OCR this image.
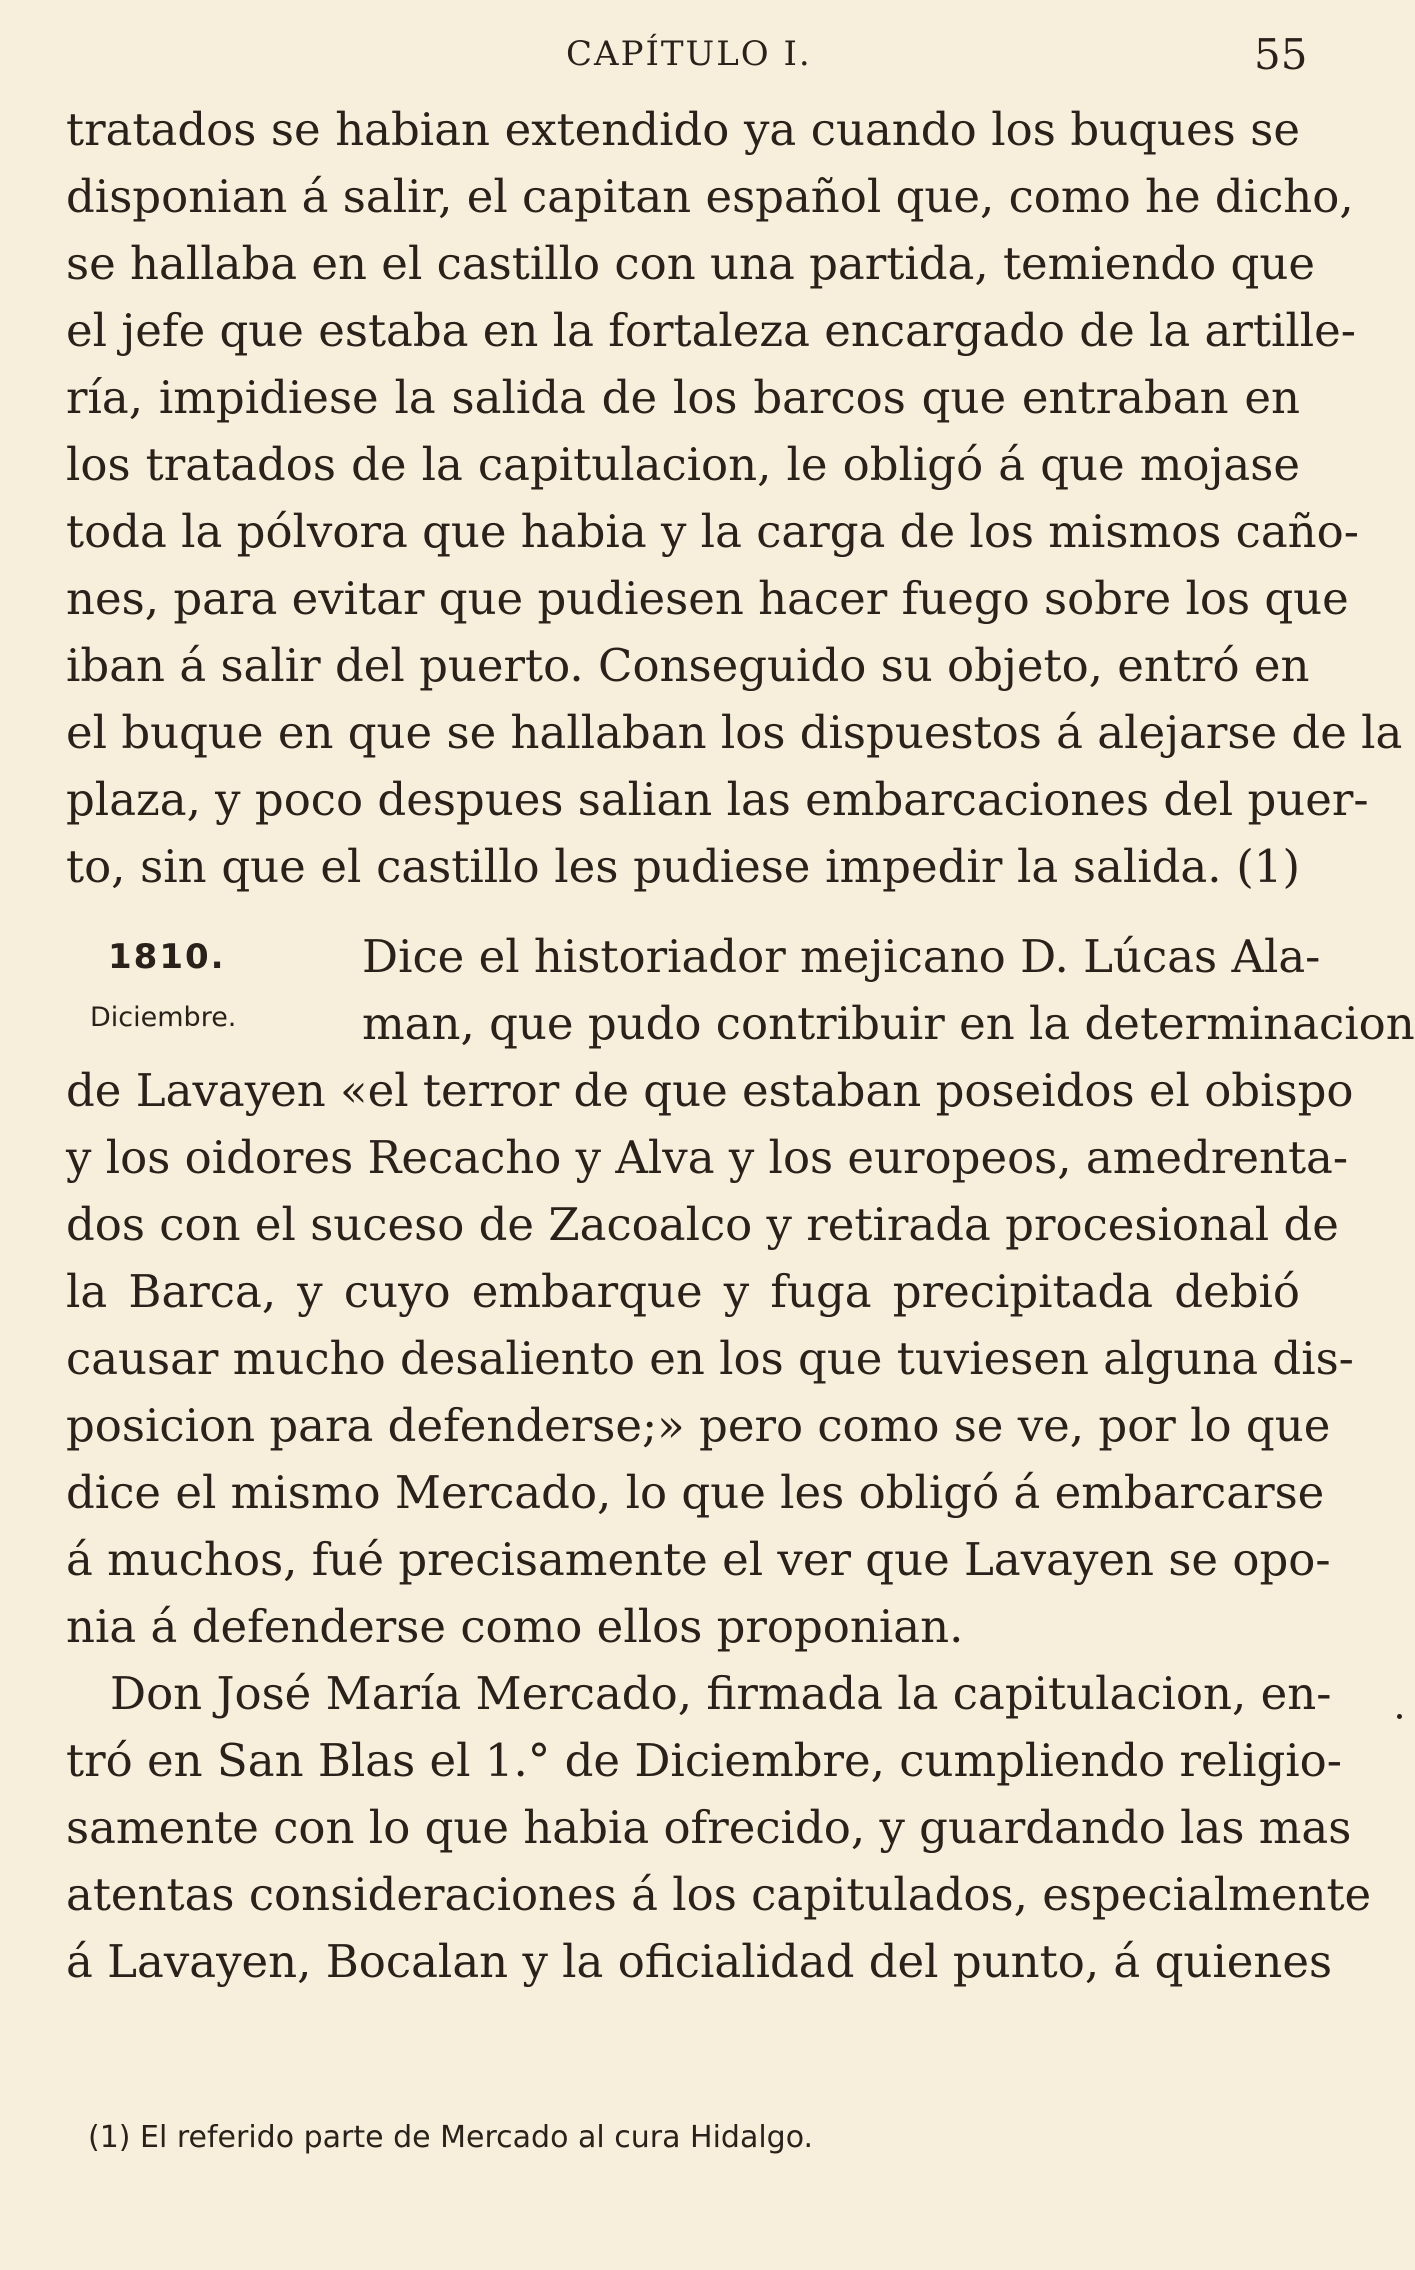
CAPÍTULO I.	55
1810.
Diciembre.
tratados se habian extendido ya cuando los buques se
disponian á salir, el capitan español que, como he dicho,
se hallaba en el castillo con una partida, temiendo que
el jefe que estaba en la fortaleza encargado de la artille-
ría, impidiese la salida de los barcos que entraban en
los tratados de la capitulacion, le obligó á que mojase
toda la pólvora que habia y la carga de los mismos caño-
nes, para evitar que pudiesen hacer fuego sobre los que
iban á salir del puerto. Conseguido su objeto, entró en
el buque en que se hallaban los dispuestos á alejarse de la
plaza, y poco despues salian las embarcaciones del puer-
to, sin que el castillo les pudiese impedir la salida. (1)
Dice el historiador mejicano D. Lúcas Ala-
man, que pudo contribuir en la determinacion
de Lavayen «el terror de que estaban poseidos el obispo
y los oidores Recacho y Alva y los europeos, amedrenta-
dos con el suceso de Zacoalco y retirada procesional de
la Barca, y cuyo embarque y fuga precipitada debió
causar mucho desaliento en los que tuviesen alguna dis-
posicion para defenderse;» pero como se ve, por lo que
dice el mismo Mercado, lo que les obligó á embarcarse
á muchos, fué precisamente el ver que Lavayen se opo-
nia á defenderse como ellos proponian.
Don José María Mercado, firmada la capitulacion, en-
tró en San Blas el 1.° de Diciembre, cumpliendo religio-
samente con lo que habia ofrecido, y guardando las mas
atentas consideraciones á los capitulados, especialmente
á Lavayen, Bocalan y la oficialidad del punto, á quienes
(1) El referido parte de Mercado al cura Hidalgo.
